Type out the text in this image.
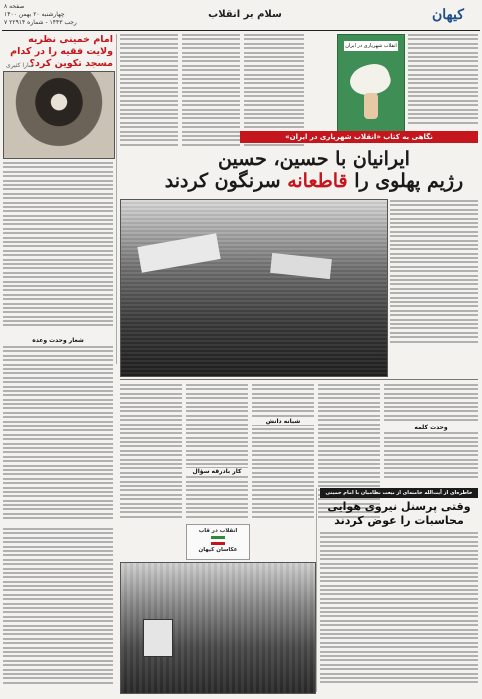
صفحه ۸
چهارشنبه ۲۰ بهمن ۱۴۰۰
۷ رجب ۱۴۴۳ - شماره ۲۲۹۱۴
سلام بر انقلاب	کیهان
امام خمینی نظریه ولایت فقیه را در کدام مسجد تکوین کرد؟
سارا کثیری
انقلاب شهریاری در ایران
نگاهی به کتاب «انقلاب شهریاری در ایران»
ایرانیان با حسین، حسین
رژیم پهلوی را قاطعانه سرنگون کردند
کار بادرقه سؤال
شبانه دانش
وحدت کلمه
شعار وحدت وعده
خاطره‌ای از آیت‌الله خامنه‌ای از بیعت نظامیان با امام خمینی
وقتی پرسنل نیروی هوایی
محاسبات را عوض کردند
انقلاب در قاب
عکاسان کیهان
